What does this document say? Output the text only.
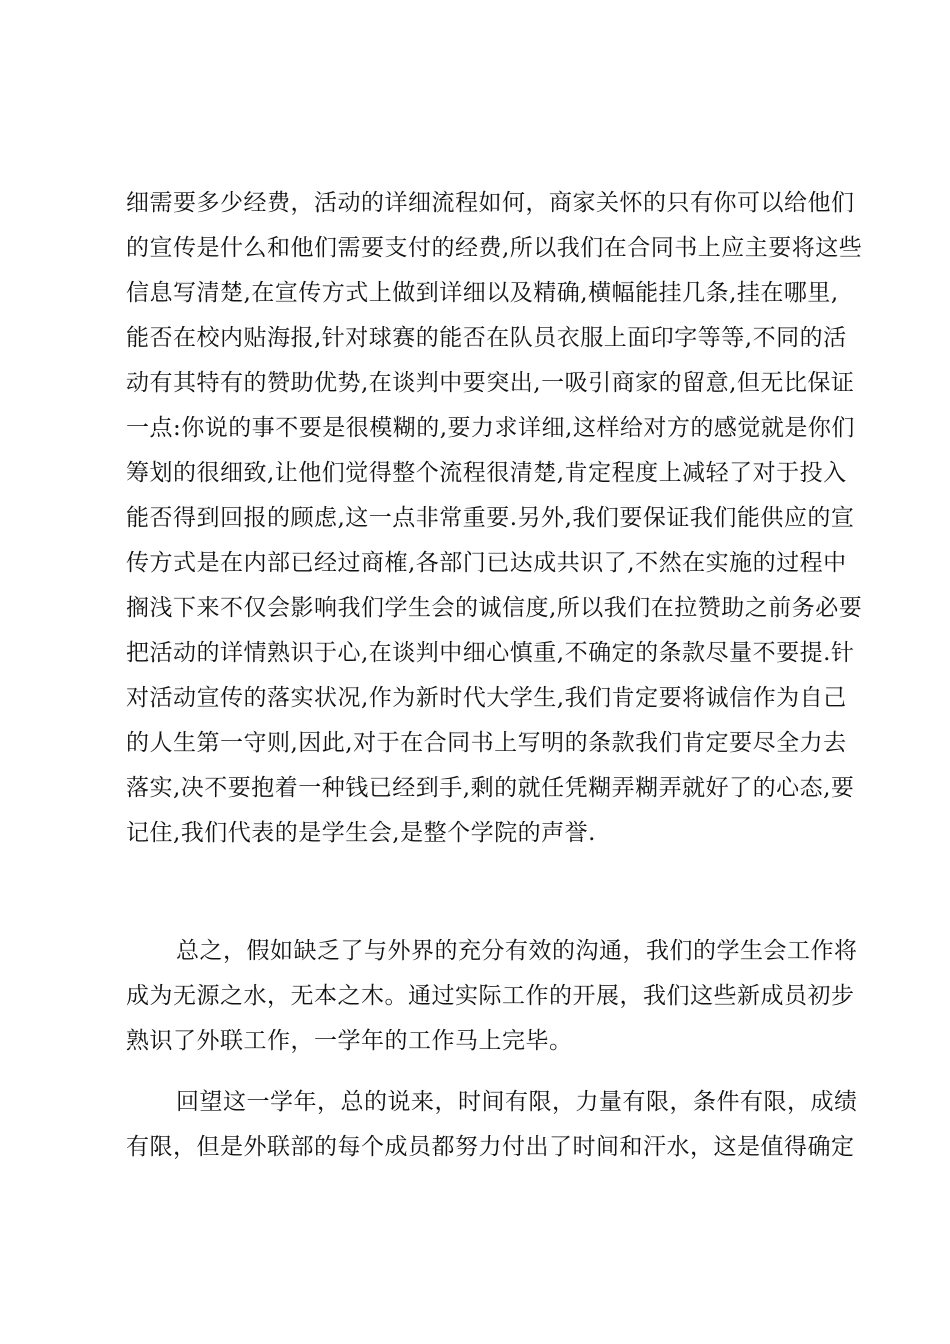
细需要多少经费，活动的详细流程如何，商家关怀的只有你可以给他们
的宣传是什么和他们需要支付的经费,所以我们在合同书上应主要将这些
信息写清楚,在宣传方式上做到详细以及精确,横幅能挂几条,挂在哪里,
能否在校内贴海报,针对球赛的能否在队员衣服上面印字等等,不同的活
动有其特有的赞助优势,在谈判中要突出,一吸引商家的留意,但无比保证
一点:你说的事不要是很模糊的,要力求详细,这样给对方的感觉就是你们
筹划的很细致,让他们觉得整个流程很清楚,肯定程度上减轻了对于投入
能否得到回报的顾虑,这一点非常重要.另外,我们要保证我们能供应的宣
传方式是在内部已经过商榷,各部门已达成共识了,不然在实施的过程中
搁浅下来不仅会影响我们学生会的诚信度,所以我们在拉赞助之前务必要
把活动的详情熟识于心,在谈判中细心慎重,不确定的条款尽量不要提.针
对活动宣传的落实状况,作为新时代大学生,我们肯定要将诚信作为自己
的人生第一守则,因此,对于在合同书上写明的条款我们肯定要尽全力去
落实,决不要抱着一种钱已经到手,剩的就任凭糊弄糊弄就好了的心态,要
记住,我们代表的是学生会,是整个学院的声誉.
总之，假如缺乏了与外界的充分有效的沟通，我们的学生会工作将
成为无源之水，无本之木。通过实际工作的开展，我们这些新成员初步
熟识了外联工作，一学年的工作马上完毕。
回望这一学年，总的说来，时间有限，力量有限，条件有限，成绩
有限，但是外联部的每个成员都努力付出了时间和汗水，这是值得确定
